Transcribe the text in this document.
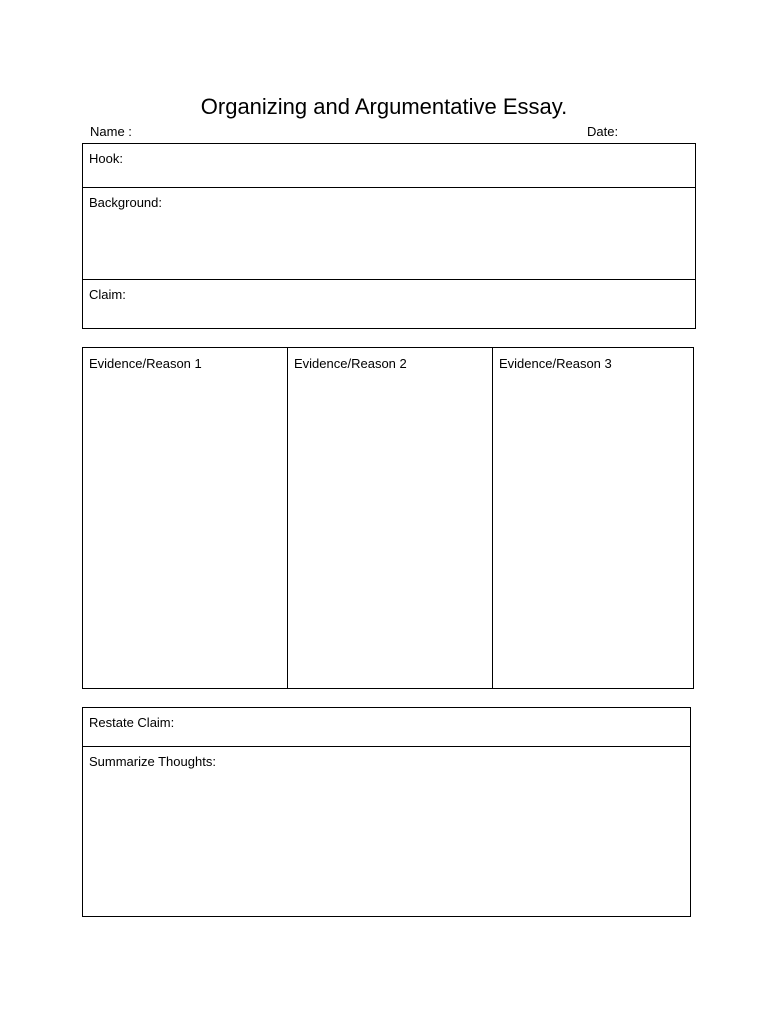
Organizing and Argumentative Essay.
Name :	Date:
Hook:
Background:
Claim:
Evidence/Reason 1	Evidence/Reason 2	Evidence/Reason 3
Restate Claim:
Summarize Thoughts:
